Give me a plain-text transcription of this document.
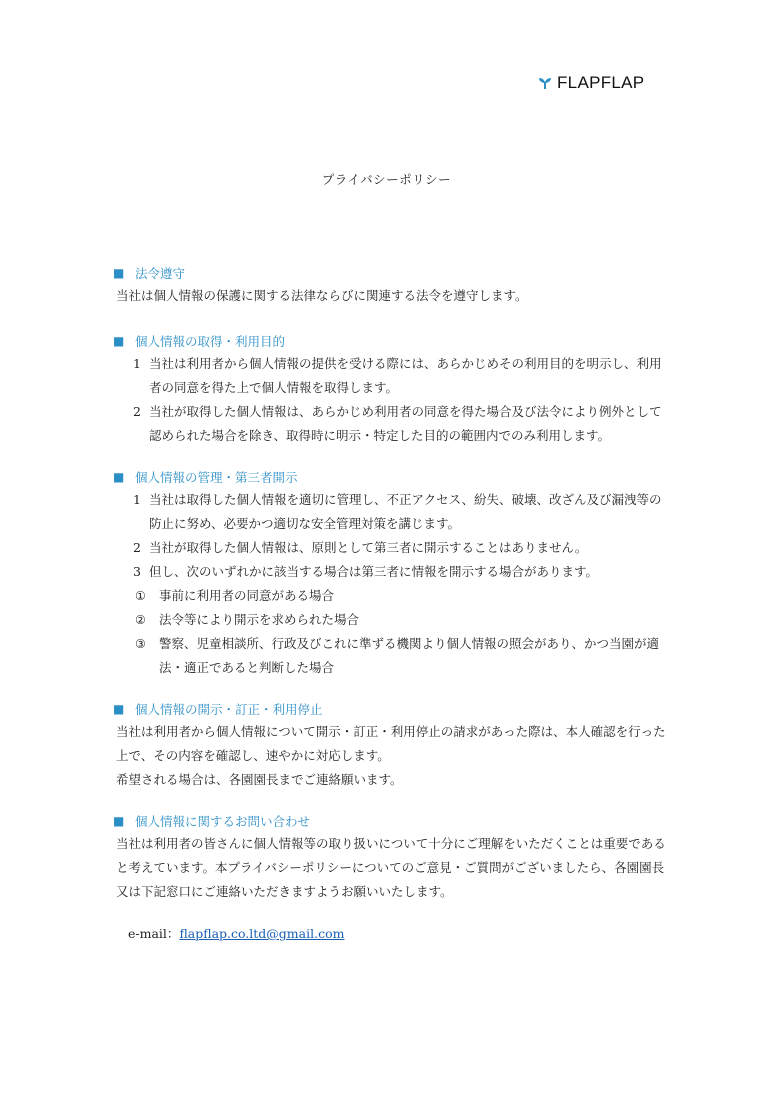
FLAPFLAP
プライバシーポリシー
■ 法令遵守
当社は個人情報の保護に関する法律ならびに関連する法令を遵守します。
■ 個人情報の取得・利用目的
1 当社は利用者から個人情報の提供を受ける際には、あらかじめその利用目的を明示し、利用者の同意を得た上で個人情報を取得します。
2 当社が取得した個人情報は、あらかじめ利用者の同意を得た場合及び法令により例外として認められた場合を除き、取得時に明示・特定した目的の範囲内でのみ利用します。
■ 個人情報の管理・第三者開示
1 当社は取得した個人情報を適切に管理し、不正アクセス、紛失、破壊、改ざん及び漏洩等の防止に努め、必要かつ適切な安全管理対策を講じます。
2 当社が取得した個人情報は、原則として第三者に開示することはありません。
3 但し、次のいずれかに該当する場合は第三者に情報を開示する場合があります。
①	事前に利用者の同意がある場合
②	法令等により開示を求められた場合
③	警察、児童相談所、行政及びこれに準ずる機関より個人情報の照会があり、かつ当園が適法・適正であると判断した場合
■ 個人情報の開示・訂正・利用停止
当社は利用者から個人情報について開示・訂正・利用停止の請求があった際は、本人確認を行った上で、その内容を確認し、速やかに対応します。
希望される場合は、各園園長までご連絡願います。
■ 個人情報に関するお問い合わせ
当社は利用者の皆さんに個人情報等の取り扱いについて十分にご理解をいただくことは重要であると考えています。本プライバシーポリシーについてのご意見・ご質問がございましたら、各園園長又は下記窓口にご連絡いただきますようお願いいたします。
e-mail：flapflap.co.ltd@gmail.com
